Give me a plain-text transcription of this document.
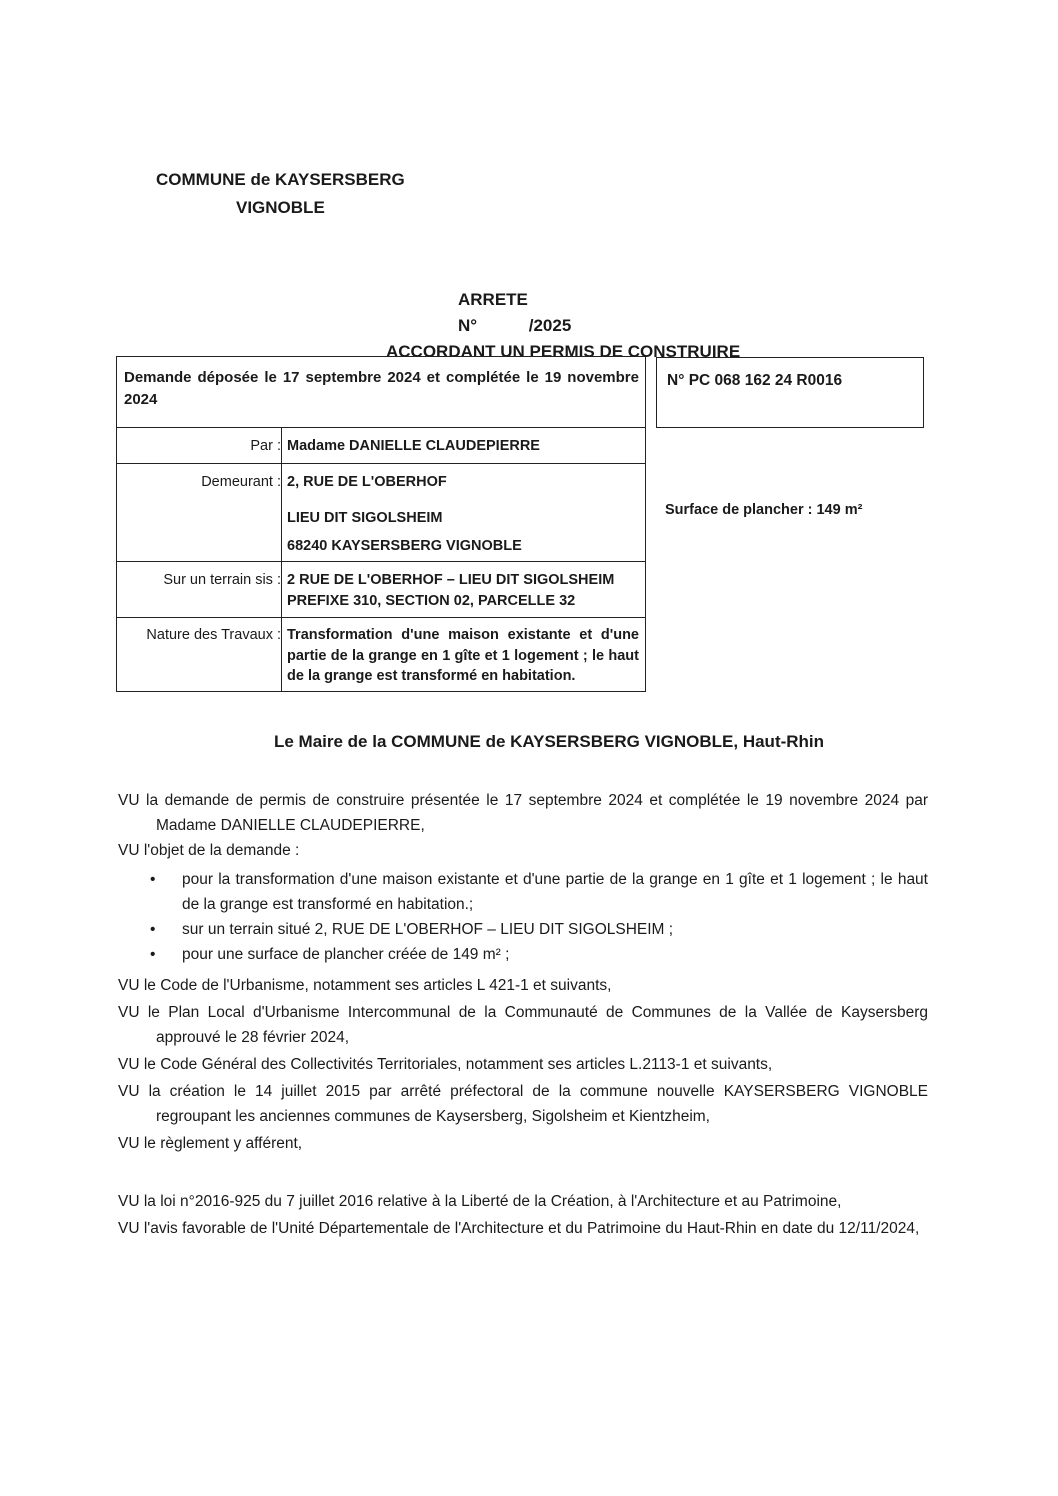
COMMUNE de KAYSERSBERG
VIGNOBLE
ARRETE N°	/2025
ACCORDANT UN PERMIS DE CONSTRUIRE
Demande déposée le 17 septembre 2024 et complétée le 19 novembre 2024
Par : Madame DANIELLE CLAUDEPIERRE
Demeurant : 2, RUE DE L'OBERHOF
LIEU DIT SIGOLSHEIM
68240 KAYSERSBERG VIGNOBLE
Sur un terrain sis : 2 RUE DE L'OBERHOF – LIEU DIT SIGOLSHEIM
PREFIXE 310, SECTION 02, PARCELLE 32
Nature des Travaux : Transformation d'une maison existante et d'une partie de la grange en 1 gîte et 1 logement ; le haut de la grange est transformé en habitation.
N° PC 068 162 24 R0016
Surface de plancher : 149 m²
Le Maire de la COMMUNE de KAYSERSBERG VIGNOBLE, Haut-Rhin
VU la demande de permis de construire présentée le 17 septembre 2024 et complétée le 19 novembre 2024 par Madame DANIELLE CLAUDEPIERRE,
VU l'objet de la demande :
• pour la transformation d'une maison existante et d'une partie de la grange en 1 gîte et 1 logement ; le haut de la grange est transformé en habitation.;
• sur un terrain situé 2, RUE DE L'OBERHOF – LIEU DIT SIGOLSHEIM ;
• pour une surface de plancher créée de 149 m² ;
VU le Code de l'Urbanisme, notamment ses articles L 421-1 et suivants,
VU le Plan Local d'Urbanisme Intercommunal de la Communauté de Communes de la Vallée de Kaysersberg approuvé le 28 février 2024,
VU le Code Général des Collectivités Territoriales, notamment ses articles L.2113-1 et suivants,
VU la création le 14 juillet 2015 par arrêté préfectoral de la commune nouvelle KAYSERSBERG VIGNOBLE regroupant les anciennes communes de Kaysersberg, Sigolsheim et Kientzheim,
VU le règlement y afférent,
VU la loi n°2016-925 du 7 juillet 2016 relative à la Liberté de la Création, à l'Architecture et au Patrimoine,
VU l'avis favorable de l'Unité Départementale de l'Architecture et du Patrimoine du Haut-Rhin en date du 12/11/2024,
